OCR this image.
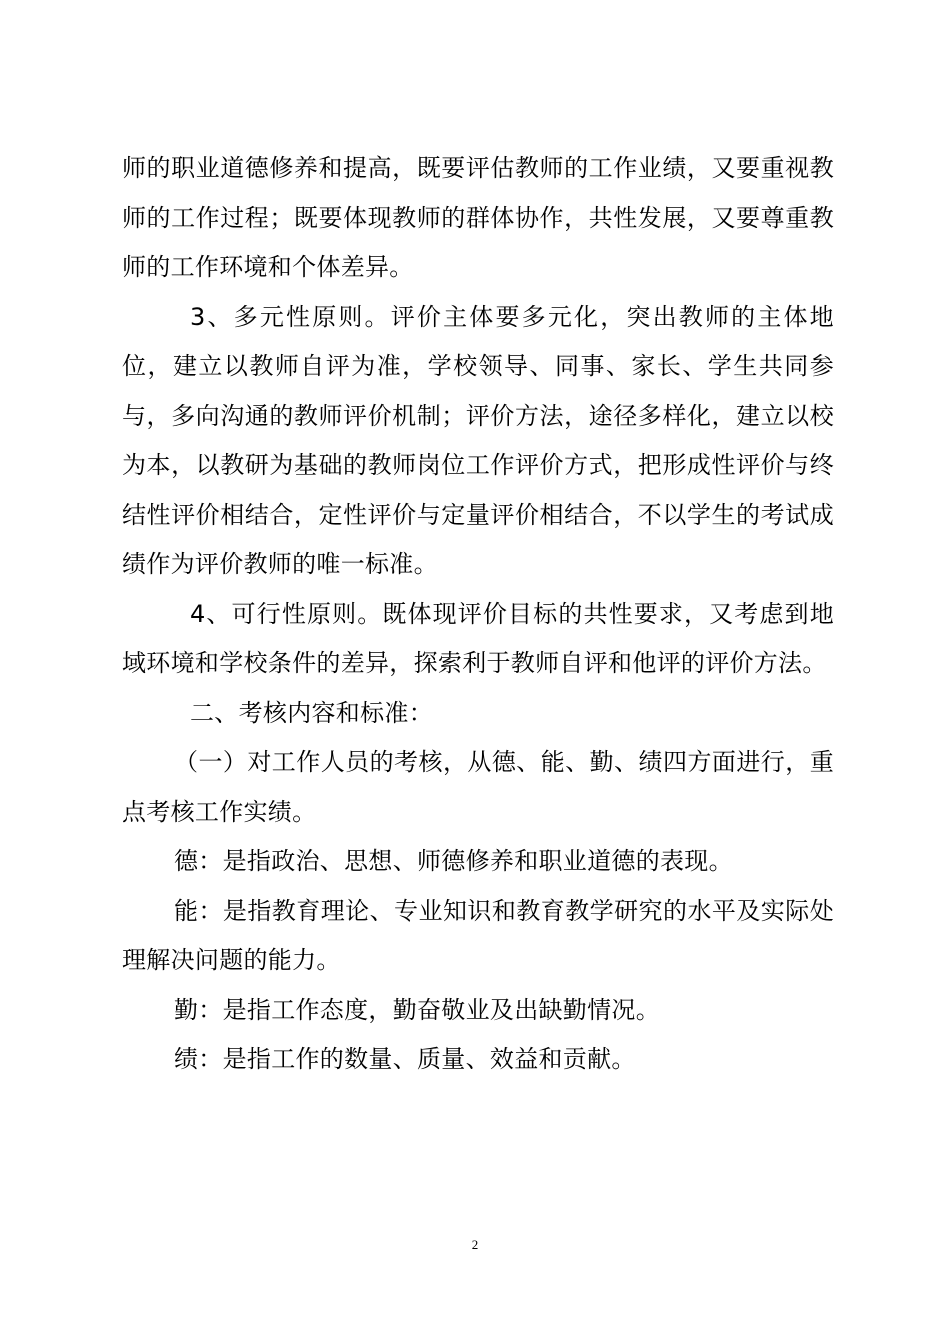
师的职业道德修养和提高，既要评估教师的工作业绩，又要重视教师的工作过程；既要体现教师的群体协作，共性发展，又要尊重教师的工作环境和个体差异。

3、多元性原则。评价主体要多元化，突出教师的主体地位，建立以教师自评为准，学校领导、同事、家长、学生共同参与，多向沟通的教师评价机制；评价方法，途径多样化，建立以校为本，以教研为基础的教师岗位工作评价方式，把形成性评价与终结性评价相结合，定性评价与定量评价相结合，不以学生的考试成绩作为评价教师的唯一标准。

4、可行性原则。既体现评价目标的共性要求，又考虑到地域环境和学校条件的差异，探索利于教师自评和他评的评价方法。

二、考核内容和标准：

（一）对工作人员的考核，从德、能、勤、绩四方面进行，重点考核工作实绩。

德：是指政治、思想、师德修养和职业道德的表现。

能：是指教育理论、专业知识和教育教学研究的水平及实际处理解决问题的能力。

勤：是指工作态度，勤奋敬业及出缺勤情况。

绩：是指工作的数量、质量、效益和贡献。

2
